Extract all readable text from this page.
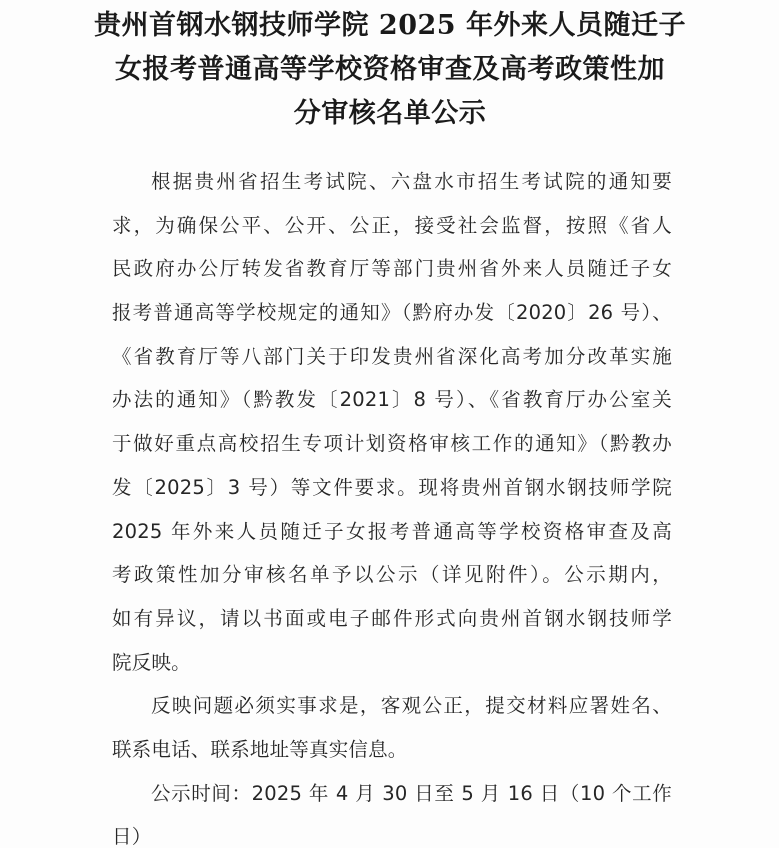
贵州首钢水钢技师学院 2025 年外来人员随迁子
女报考普通高等学校资格审查及高考政策性加
分审核名单公示
根据贵州省招生考试院、六盘水市招生考试院的通知要
求，为确保公平、公开、公正，接受社会监督，按照《省人
民政府办公厅转发省教育厅等部门贵州省外来人员随迁子女
报考普通高等学校规定的通知》（黔府办发〔2020〕26 号）、
《省教育厅等八部门关于印发贵州省深化高考加分改革实施
办法的通知》（黔教发〔2021〕8 号）、《省教育厅办公室关
于做好重点高校招生专项计划资格审核工作的通知》（黔教办
发〔2025〕3 号）等文件要求。现将贵州首钢水钢技师学院
2025 年外来人员随迁子女报考普通高等学校资格审查及高
考政策性加分审核名单予以公示（详见附件）。公示期内，
如有异议，请以书面或电子邮件形式向贵州首钢水钢技师学
院反映。
反映问题必须实事求是，客观公正，提交材料应署姓名、
联系电话、联系地址等真实信息。
公示时间：2025 年 4 月 30 日至 5 月 16 日（10 个工作
日）
